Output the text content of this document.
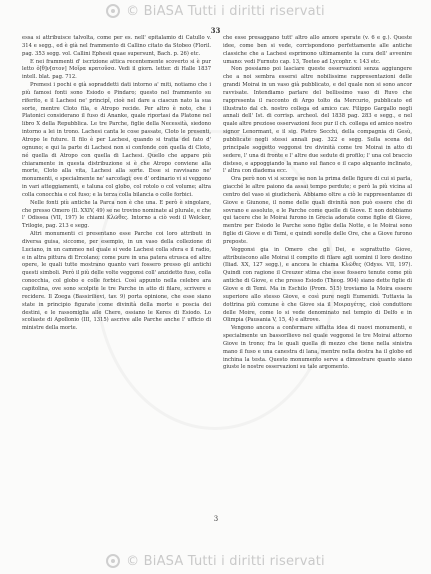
© BiASA Tutti i diritti riservati
33

essa si attribuisce talvolta, come per es. nell' epitalamio di Catullo v. 314 e segg., ed è già nel frammento di Callino citato da Stobeo (Floril. pag. 353 segg. vol. Callini Ephesii quae supersunt, Bach. p. 26) etc.

E nei frammenti d' iscrizione attica recentemente scoverto si è pur letto ὁ[θ]ν[ατον] Μοῖρα κρατοῦσα. Vedi il giorn. letter. di Halle 1837 intell. blat. pag. 712.

Premesi i pochi e già sopraddetti dati intorno a' miti, notiamo che i più famosi fonti sono Esiodo e Pindaro; questo nel frammento su riferito, e il Lachesi ne' principî, cioè nel dare a ciascun nato la sua sorte, mentre Cloto fila, e Atropo recide. Per altro è noto, che i Platonici considerano il fuso di Ananke, quale riportasi da Platone nel libro X della Repubblica. Le tre Parche, figlie della Necessità, siedono intorno a lei in trono. Lachesi canta le cose passate, Cloto le presenti, Atropo le future. Il filo è per Lachesi, quando si tratta del fato d' ognuno; e qui la parte di Lachesi non si confonde con quella di Cloto, né quella di Atropo con quella di Lachesi. Quello che appare più chiaramente in questa distribuzione si è che Atropo conviene alla morte, Cloto alla vita, Lachesi alla sorte. Esse si ravvisano ne' monumenti, e specialmente ne' sarcofagi; ove d' ordinario vi si veggono in vari atteggiamenti, e taluna col globo, col rotolo o col volume; altra colla conocchia e col fuso; e la terza colla bilancia o colle forbici.

Nelle fonti più antiche la Parca non è che una. E però è singolare, che presso Omero (Il. XXIV, 49) se ne trovino nominate al plurale, e che l' Odissea (VII, 197) le chiami Κλῶθες. Intorno a ciò vedi il Welcker, Trilogie, pag. 213 e segg.

Altri monumenti ci presentano esse Parche coi loro attributi in diversa guisa, siccome, per esempio, in un vaso della collezione di Luciano, in un cammeo nel quale si vede Lachesi colla sfera e il radio, e in altra pittura di Ercolano; come pure in una patera etrusca ed altre opere, le quali tutte mostrano quanto vari fossero presso gli antichi questi simboli. Però il più delle volte veggonsi coll' anzidetto fuso, colla conocchia, col globo e colle forbici. Così appunto nella celebre ara capitolina, ove sono scolpite le tre Parche in atto di filare, scrivere e recidere. Il Zoega (Bassirilievi, tav. 9) porta opinione, che esse siano state in principio figurate come divinità della morte e poscia dei destini, e le rassomiglia alle Chere, ossiano le Keres di Esiodo. Lo scoliaste di Apollonio (III, 1315) ascrive alle Parche anche l' ufficio di ministre della morte.

che esse presaggano tutt' altro allo amore sperate (v. 6 e g.). Queste idee, come ben si vede, corrispondono perfettamente alle antiche classiche che a Lachesi esprimono ultimamente la cura dell' avvenire umano: vedi Furnuto cap. 13, Teeteo ad Lycophr. v. 143 etc.

Non possiamo poi lasciare queste osservazioni senza aggiungere che a noi sembra essersi altre nobilissime rappresentazioni delle grandi Moirai in un vaso già pubblicato, e del quale non si sono ancor ravvisate. Intendiamo parlare del bellissimo vaso di Ruvo che rappresenta il racconto di Argo tolto da Mercurio, pubblicato ed illustrato dal ch. nostro collega ed amico cav. Filippo Gargallo negli annali dell' Ist. di corrisp. archeol. del 1838 pag. 283 e segg., e nel quale altre preziose osservazioni fece pur il ch. collega ed amico nostro signor Lenormant, e il sig. Pietro Secchi, della compagnia di Gesù, pubblicate negli stessi annali pag. 322 e segg. Sulla scena del principale soggetto veggonsi tre divinità come tre Moirai in atto di sedere, l' una di fronte e l' altre due sedute di profilo; l' una col braccio disteso, e appoggiando la mano sul fianco e il capo alquanto inclinato, l' altra con diadema ecc.

Ora però non vi si scorge se non la prima delle figure di cui si parla, giacché le altre paiono da assai tempo perdute; e però la più vicina al centro del vaso si giudicherà. Abbiamo oltre a ciò le rappresentanze di Giove e Giunone, il nome delle quali divinità non può essere che di sovrano e assoluto, e le Parche come quelle di Giove. E non dobbiamo qui tacere che le Moirai furono in Grecia adorate come figlie di Giove, mentre per Esiodo le Parche sono figlie della Notte, e le Moirai sono figlie di Giove e di Temi, e quindi sorelle delle Ore, che a Giove furono preposte.

Veggonsi gia in Omero che gli Dei, e soprattutto Giove, attribuiscono alle Moirai il compito di filare agli uomini il loro destino (Iliad. XX, 127 segg.), e ancora le chiama Κλῶθες (Odyss. VII, 197). Quindi con ragione il Creuzer stima che esse fossero tenute come più antiche di Giove, e che presso Esiodo (Theog. 904) siano dette figlie di Giove e di Temi. Ma in Eschilo (Prom. 515) troviamo la Moira essere superiore allo stesso Giove, e così pure negli Eumenidi. Tuttavia la dottrina più comune è che Giove sia il Μοιραγέτης, cioè conduttore delle Moire, come lo si vede denominato nel tempio di Delfo e in Olimpia (Pausania V, 15, 4) e altrove.

Vengono ancora a confermare siffatta idea di nuovi monumenti, e specialmente un bassorilievo nel quale veggonsi le tre Moirai attorno Giove in trono; fra le quali quella di mezzo che tiene nella sinistra mano il fuso e una canestra di lana, mentre nella destra ha il globo ed inchina la testa. Questo monumento serve a dimostrare quanto siano giuste le nostre osservazioni su tale argomento.

3
© BiASA Tutti i diritti riservati
